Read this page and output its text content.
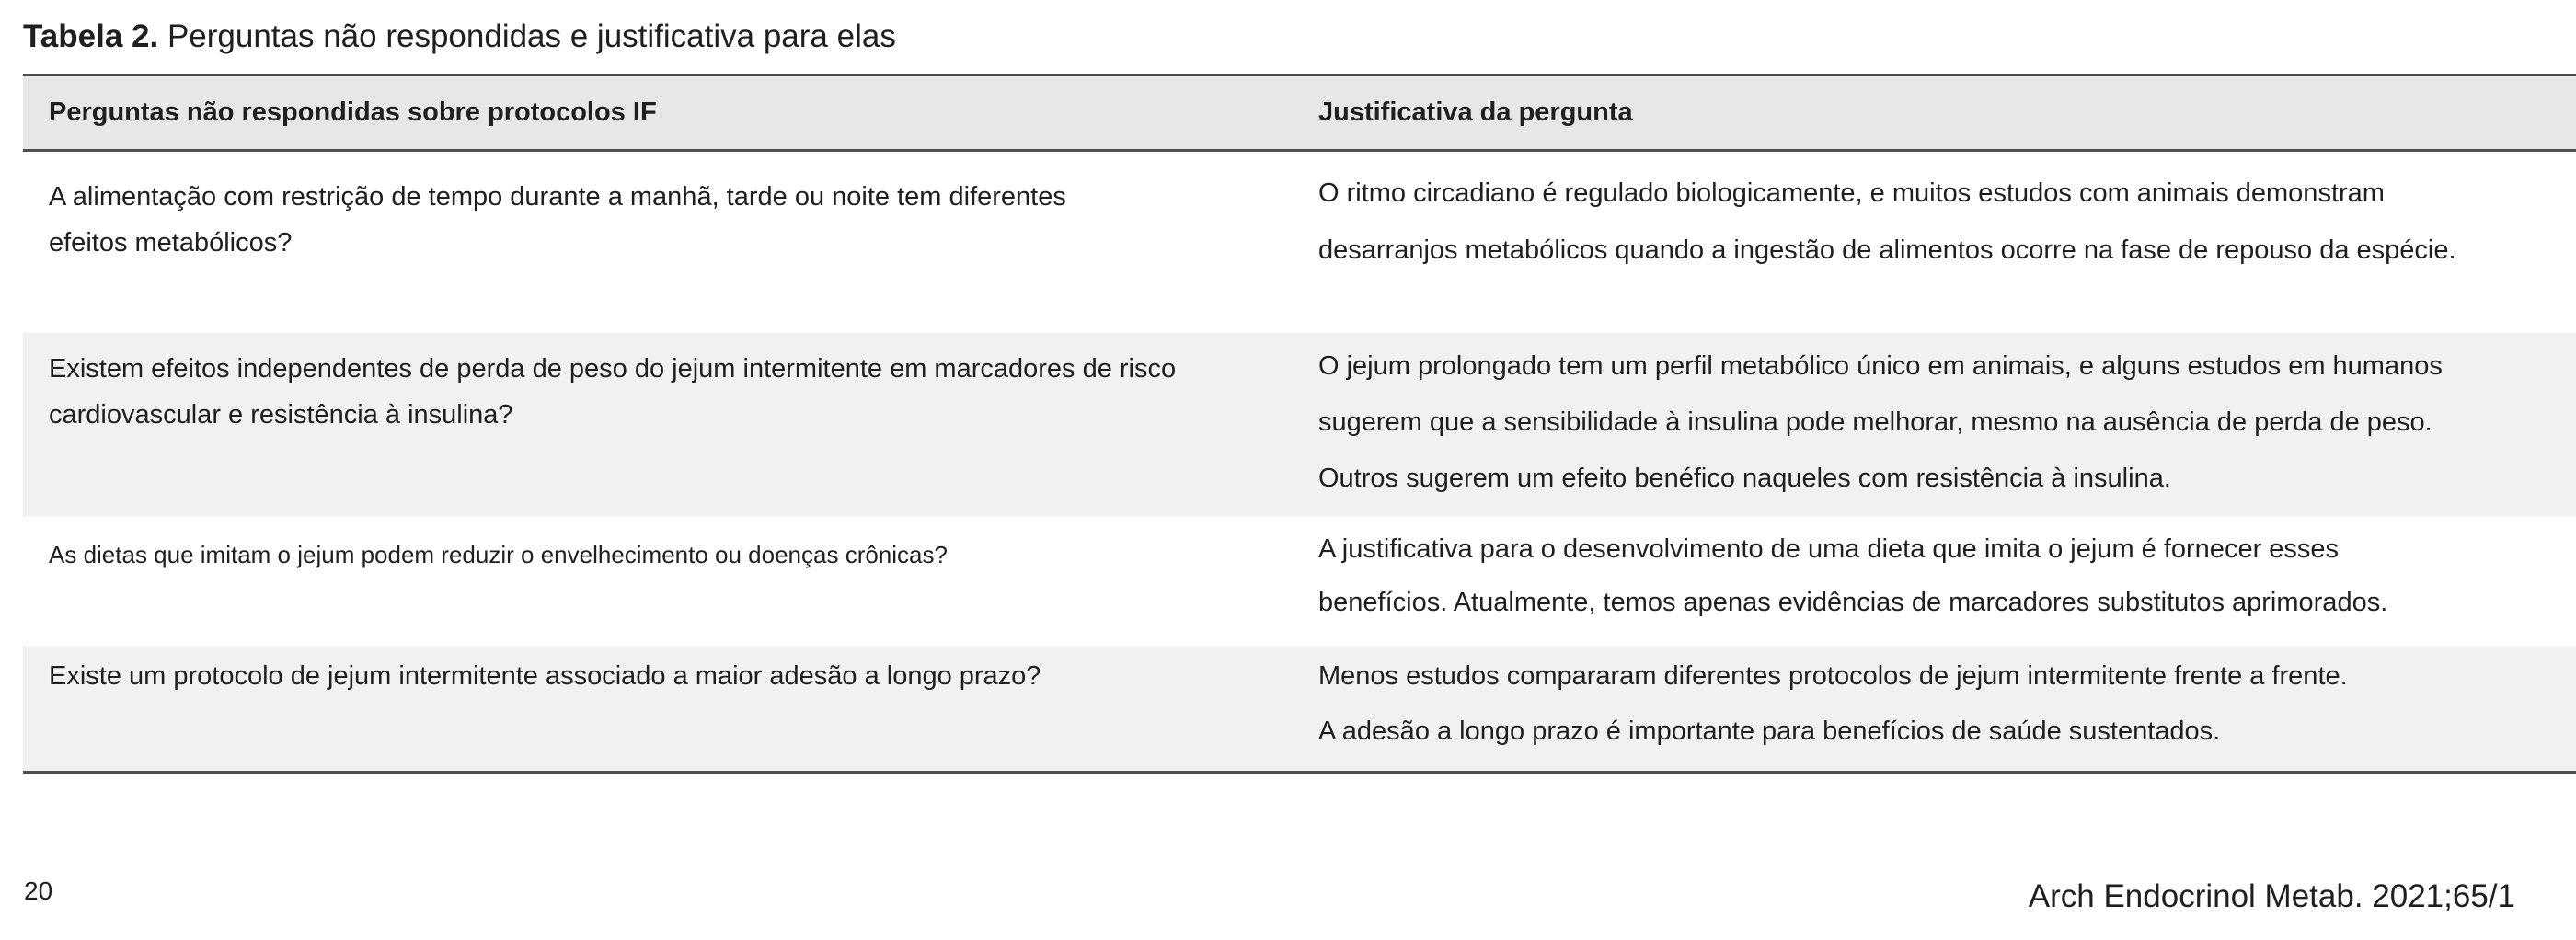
Tabela 2. Perguntas não respondidas e justificativa para elas
Perguntas não respondidas sobre protocolos IF	Justificativa da pergunta

A alimentação com restrição de tempo durante a manhã, tarde ou noite tem diferentes
efeitos metabólicos?	O ritmo circadiano é regulado biologicamente, e muitos estudos com animais demonstram
desarranjos metabólicos quando a ingestão de alimentos ocorre na fase de repouso da espécie.

Existem efeitos independentes de perda de peso do jejum intermitente em marcadores de risco
cardiovascular e resistência à insulina?	O jejum prolongado tem um perfil metabólico único em animais, e alguns estudos em humanos
sugerem que a sensibilidade à insulina pode melhorar, mesmo na ausência de perda de peso.
Outros sugerem um efeito benéfico naqueles com resistência à insulina.

As dietas que imitam o jejum podem reduzir o envelhecimento ou doenças crônicas?	A justificativa para o desenvolvimento de uma dieta que imita o jejum é fornecer esses
benefícios. Atualmente, temos apenas evidências de marcadores substitutos aprimorados.

Existe um protocolo de jejum intermitente associado a maior adesão a longo prazo?	Menos estudos compararam diferentes protocolos de jejum intermitente frente a frente.
A adesão a longo prazo é importante para benefícios de saúde sustentados.
20	Arch Endocrinol Metab. 2021;65/1
